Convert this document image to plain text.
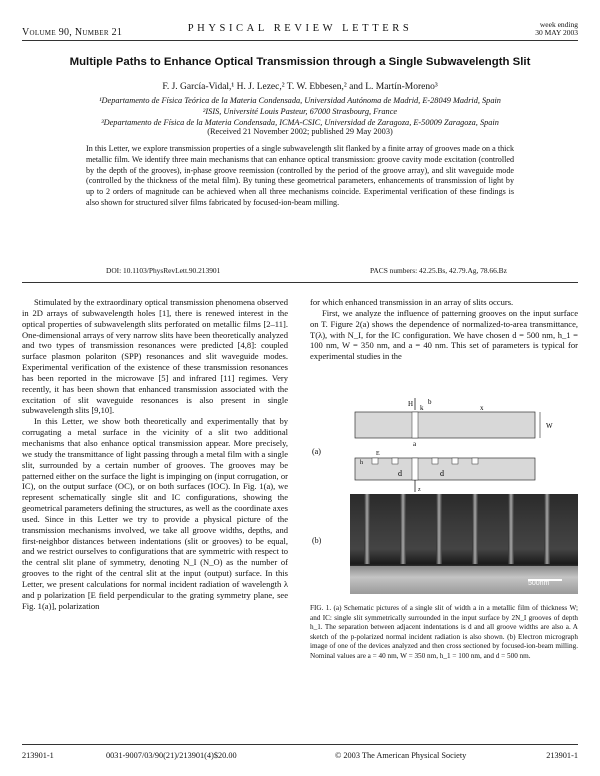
Volume 90, Number 21	PHYSICAL REVIEW LETTERS	week ending
30 MAY 2003
Multiple Paths to Enhance Optical Transmission through a Single Subwavelength Slit
F. J. García-Vidal,¹ H. J. Lezec,² T. W. Ebbesen,² and L. Martín-Moreno³
¹Departamento de Física Teórica de la Materia Condensada, Universidad Autónoma de Madrid, E-28049 Madrid, Spain
²ISIS, Université Louis Pasteur, 67000 Strasbourg, France
³Departamento de Física de la Materia Condensada, ICMA-CSIC, Universidad de Zaragoza, E-50009 Zaragoza, Spain
(Received 21 November 2002; published 29 May 2003)
In this Letter, we explore transmission properties of a single subwavelength slit flanked by a finite array of grooves made on a thick metallic film. We identify three main mechanisms that can enhance optical transmission: groove cavity mode excitation (controlled by the depth of the grooves), in-phase groove reemission (controlled by the period of the groove array), and slit waveguide mode (controlled by the thickness of the metal film). By tuning these geometrical parameters, enhancements of transmission of light by up to 2 orders of magnitude can be achieved when all three mechanisms coincide. Experimental verification of these findings is also shown for structured silver films fabricated by focused-ion-beam milling.
DOI: 10.1103/PhysRevLett.90.213901	PACS numbers: 42.25.Bs, 42.79.Ag, 78.66.Bz

Stimulated by the extraordinary optical transmission phenomena observed in 2D arrays of subwavelength holes [1], there is renewed interest in the optical properties of subwavelength slits perforated on metallic films [2–11]. One-dimensional arrays of very narrow slits have been theoretically analyzed and two types of transmission resonances were predicted [4,8]: coupled surface plasmon polariton (SPP) resonances and slit waveguide modes. Experimental verification of the existence of these transmission resonances has been reported in the microwave [5] and infrared [11] regimes. Very recently, it has been shown that enhanced transmission associated with the excitation of slit waveguide resonances is also present in single subwavelength slits [9,10].

In this Letter, we show both theoretically and experimentally that by corrugating a metal surface in the vicinity of a slit two additional mechanisms that also enhance optical transmission appear. More precisely, we study the transmittance of light passing through a metal film with a single slit, surrounded by a certain number of grooves. The grooves may be patterned either on the surface the light is impinging on (input corrugation, or IC), on the output surface (OC), or on both surfaces (IOC). In Fig. 1(a), we represent schematically single slit and IC configurations, showing the geometrical parameters defining the structures, as well as the coordinate axes used. Since in this Letter we try to provide a physical picture of the transmission mechanisms involved, we take all groove widths, depths, and first-neighbor distances between indentations (slit or grooves) to be equal, and we restrict ourselves to configurations that are symmetric with respect to the central slit plane of symmetry, denoting N_I (N_O) as the number of grooves to the right of the central slit at the input (output) surface. In this Letter, we present calculations for normal incident radiation of wavelength λ and p polarization [E field perpendicular to the grating symmetry plane, see Fig. 1(a)], polarization

for which enhanced transmission in an array of slits occurs.

First, we analyze the influence of patterning grooves on the input surface on T. Figure 2(a) shows the dependence of normalized-to-area transmittance, T(λ), with N_I, for the IC configuration. We have chosen d = 500 nm, h_1 = 100 nm, W = 350 nm, and a = 40 nm. This set of parameters is typical for experimental studies in the

H b
k	x
W
a
(a)	E
h
d	d
z
(b)
500nm
FIG. 1. (a) Schematic pictures of a single slit of width a in a metallic film of thickness W; and IC: single slit symmetrically surrounded in the input surface by 2N_I grooves of depth h_1. The separation between adjacent indentations is d and all groove widths are also a. A sketch of the p-polarized normal incident radiation is also shown. (b) Electron micrograph image of one of the devices analyzed and then cross sectioned by focused-ion-beam milling. Nominal values are a = 40 nm, W = 350 nm, h_1 = 100 nm, and d = 500 nm.
213901-1	0031-9007/03/90(21)/213901(4)$20.00	© 2003 The American Physical Society	213901-1
